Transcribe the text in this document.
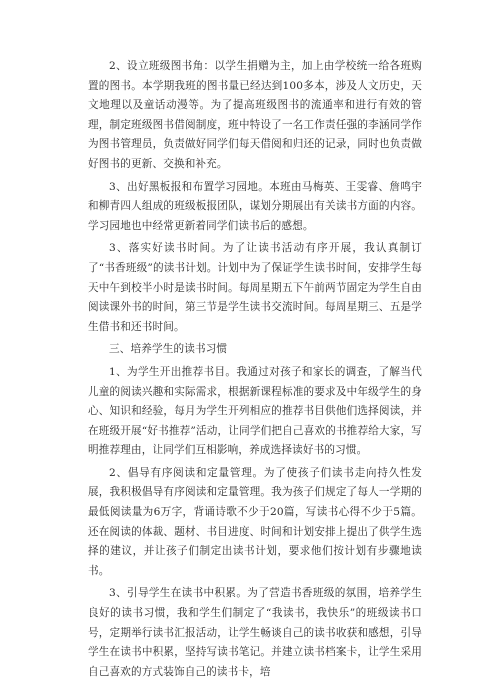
2、设立班级图书角：以学生捐赠为主，加上由学校统一给各班购置的图书。本学期我班的图书量已经达到100多本，涉及人文历史，天文地理以及童话动漫等。为了提高班级图书的流通率和进行有效的管理，制定班级图书借阅制度，班中特设了一名工作责任强的李涵同学作为图书管理员，负责做好同学们每天借阅和归还的记录，同时也负责做好图书的更新、交换和补充。

3、出好黑板报和布置学习园地。本班由马梅英、王雯睿、詹鸣宇和柳青四人组成的班级板报团队，谋划分期展出有关读书方面的内容。学习园地也中经常更新着同学们读书后的感想。

3、落实好读书时间。为了让读书活动有序开展，我认真制订了“书香班级”的读书计划。计划中为了保证学生读书时间，安排学生每天中午到校半小时是读书时间。每周星期五下午前两节固定为学生自由阅读课外书的时间，第三节是学生读书交流时间。每周星期三、五是学生借书和还书时间。

三、培养学生的读书习惯

1、为学生开出推荐书目。我通过对孩子和家长的调查，了解当代儿童的阅读兴趣和实际需求，根据新课程标准的要求及中年级学生的身心、知识和经验，每月为学生开列相应的推荐书目供他们选择阅读，并在班级开展“好书推荐”活动，让同学们把自己喜欢的书推荐给大家，写明推荐理由，让同学们互相影响，养成选择读好书的习惯。

2、倡导有序阅读和定量管理。为了使孩子们读书走向持久性发展，我积极倡导有序阅读和定量管理。我为孩子们规定了每人一学期的最低阅读量为6万字，背诵诗歌不少于20篇，写读书心得不少于5篇。还在阅读的体裁、题材、书目进度、时间和计划安排上提出了供学生选择的建议，并让孩子们制定出读书计划，要求他们按计划有步骤地读书。

3、引导学生在读书中积累。为了营造书香班级的氛围，培养学生良好的读书习惯，我和学生们制定了“我读书，我快乐”的班级读书口号，定期举行读书汇报活动，让学生畅谈自己的读书收获和感想，引导学生在读书中积累，坚持写读书笔记。并建立读书档案卡，让学生采用自己喜欢的方式装饰自己的读书卡，培
